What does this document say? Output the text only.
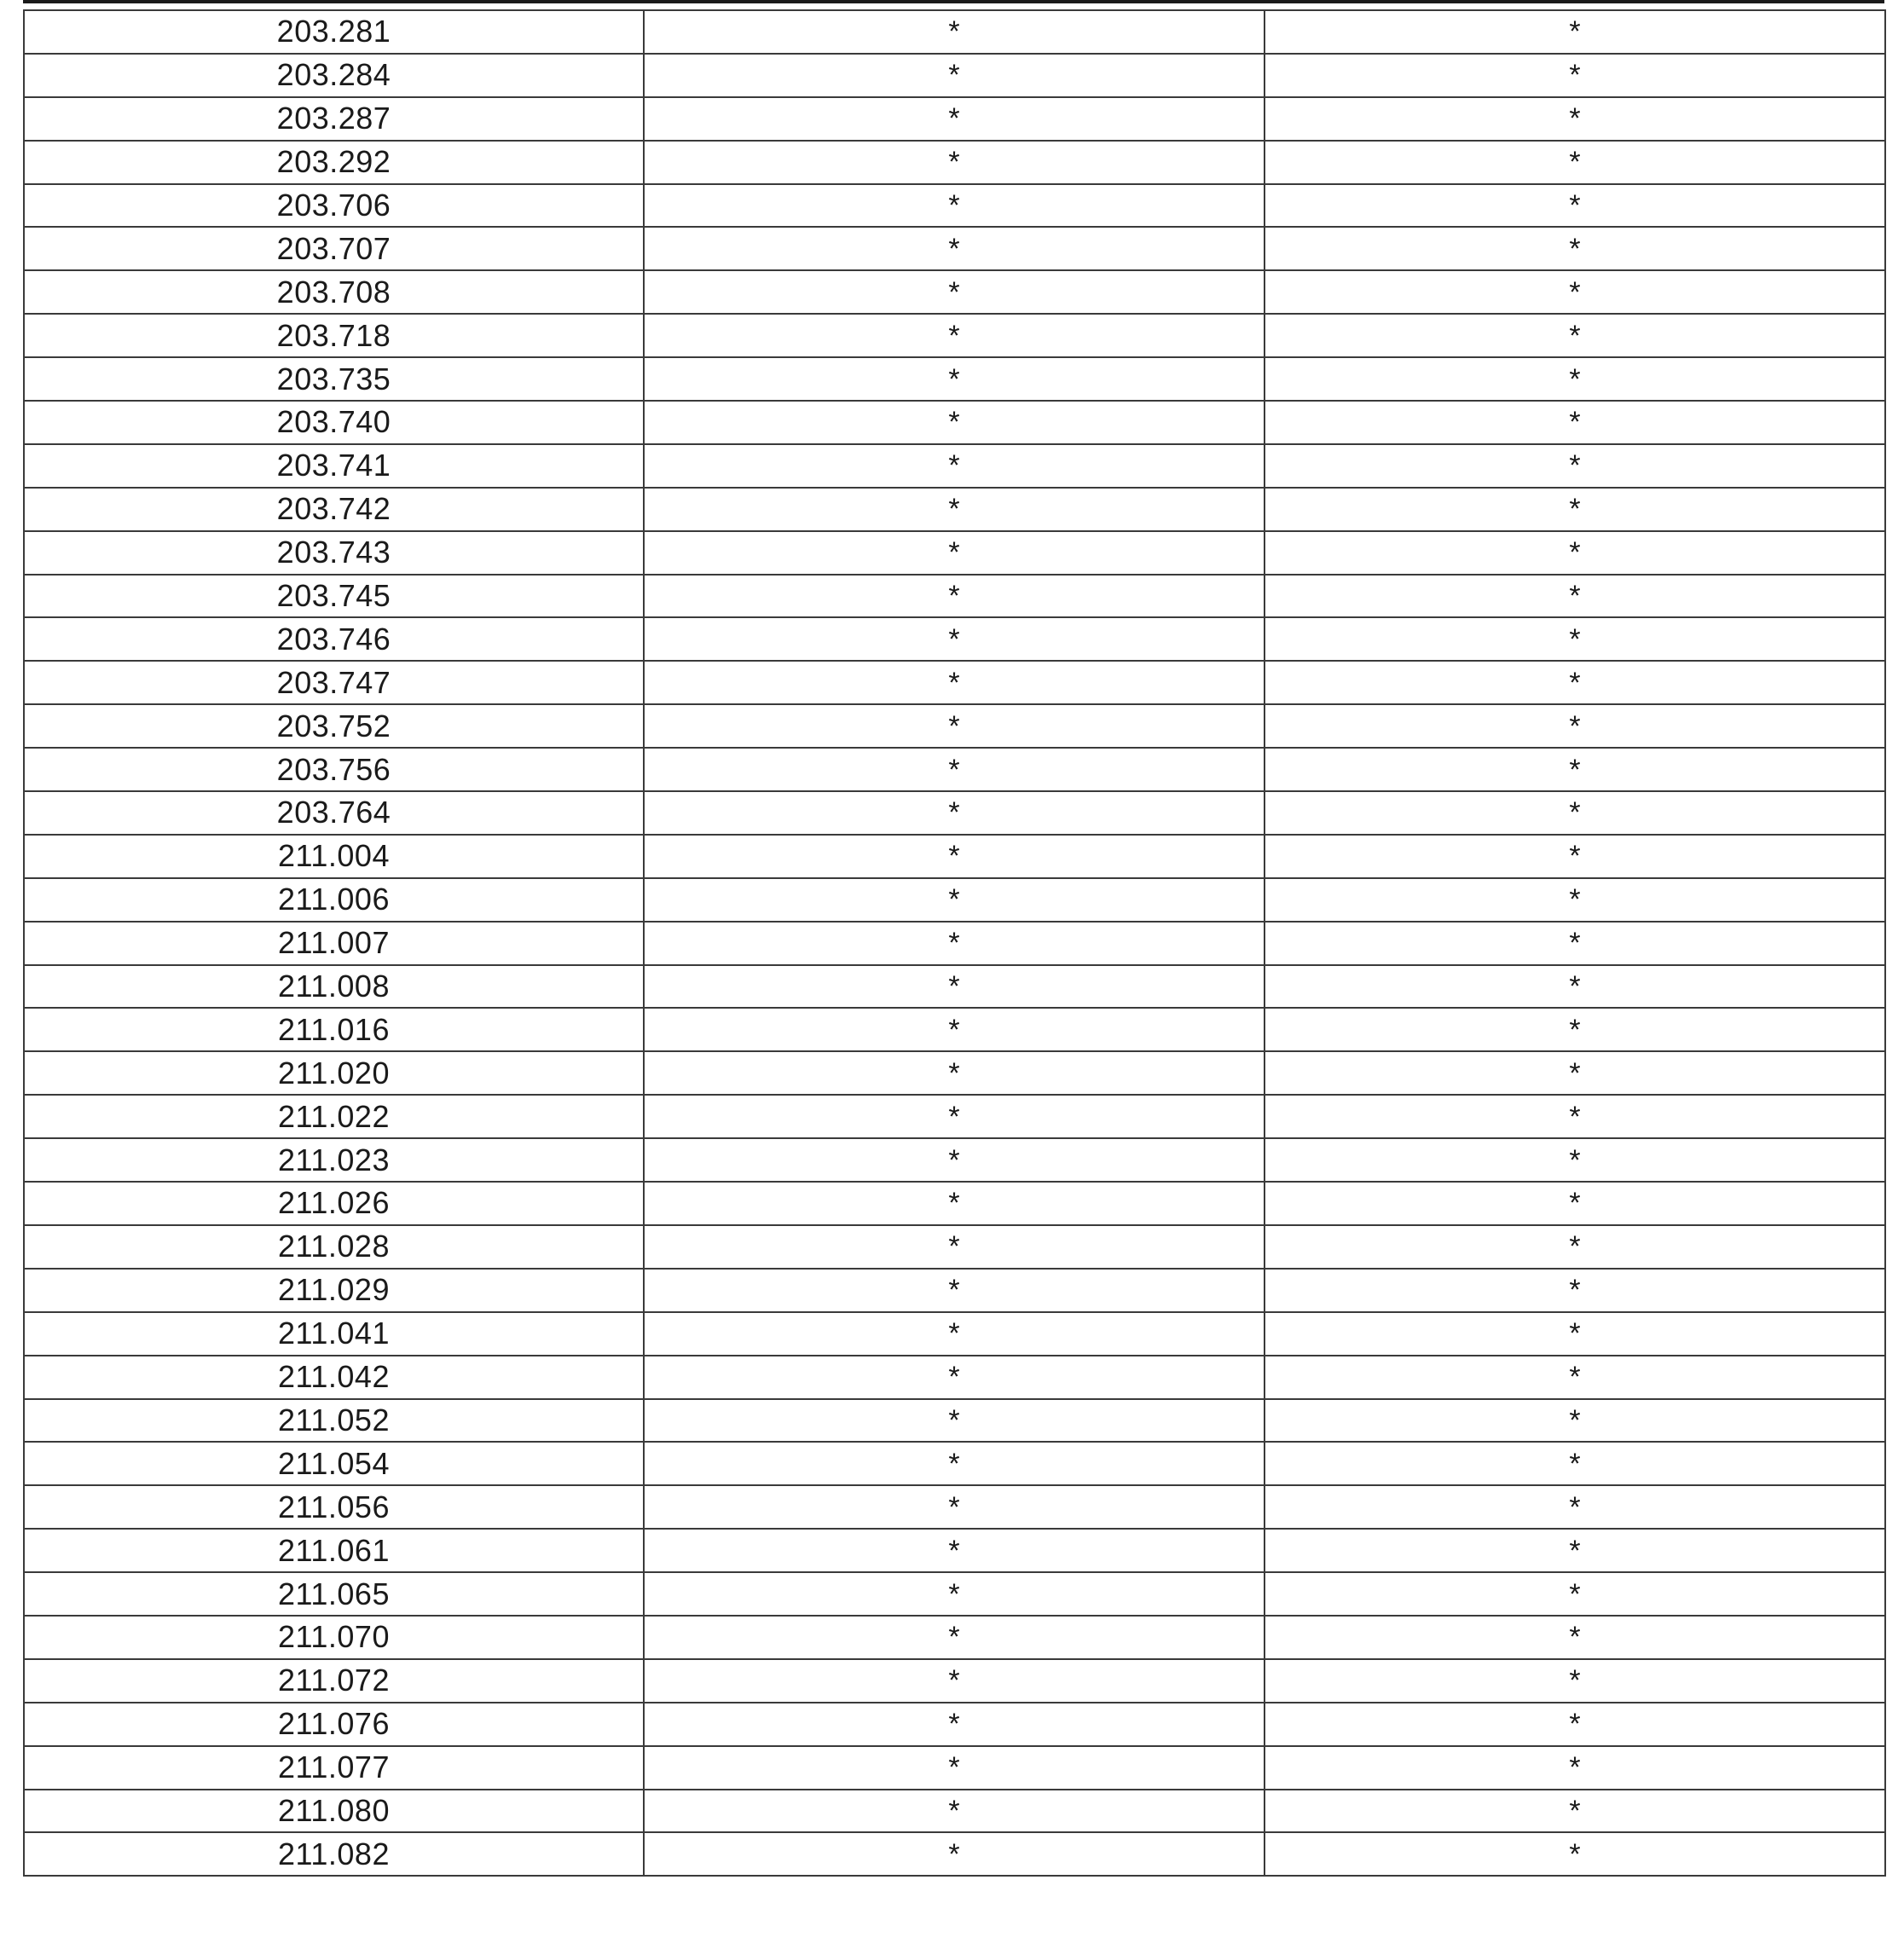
203.281	*	*
203.284	*	*
203.287	*	*
203.292	*	*
203.706	*	*
203.707	*	*
203.708	*	*
203.718	*	*
203.735	*	*
203.740	*	*
203.741	*	*
203.742	*	*
203.743	*	*
203.745	*	*
203.746	*	*
203.747	*	*
203.752	*	*
203.756	*	*
203.764	*	*
211.004	*	*
211.006	*	*
211.007	*	*
211.008	*	*
211.016	*	*
211.020	*	*
211.022	*	*
211.023	*	*
211.026	*	*
211.028	*	*
211.029	*	*
211.041	*	*
211.042	*	*
211.052	*	*
211.054	*	*
211.056	*	*
211.061	*	*
211.065	*	*
211.070	*	*
211.072	*	*
211.076	*	*
211.077	*	*
211.080	*	*
211.082	*	*
